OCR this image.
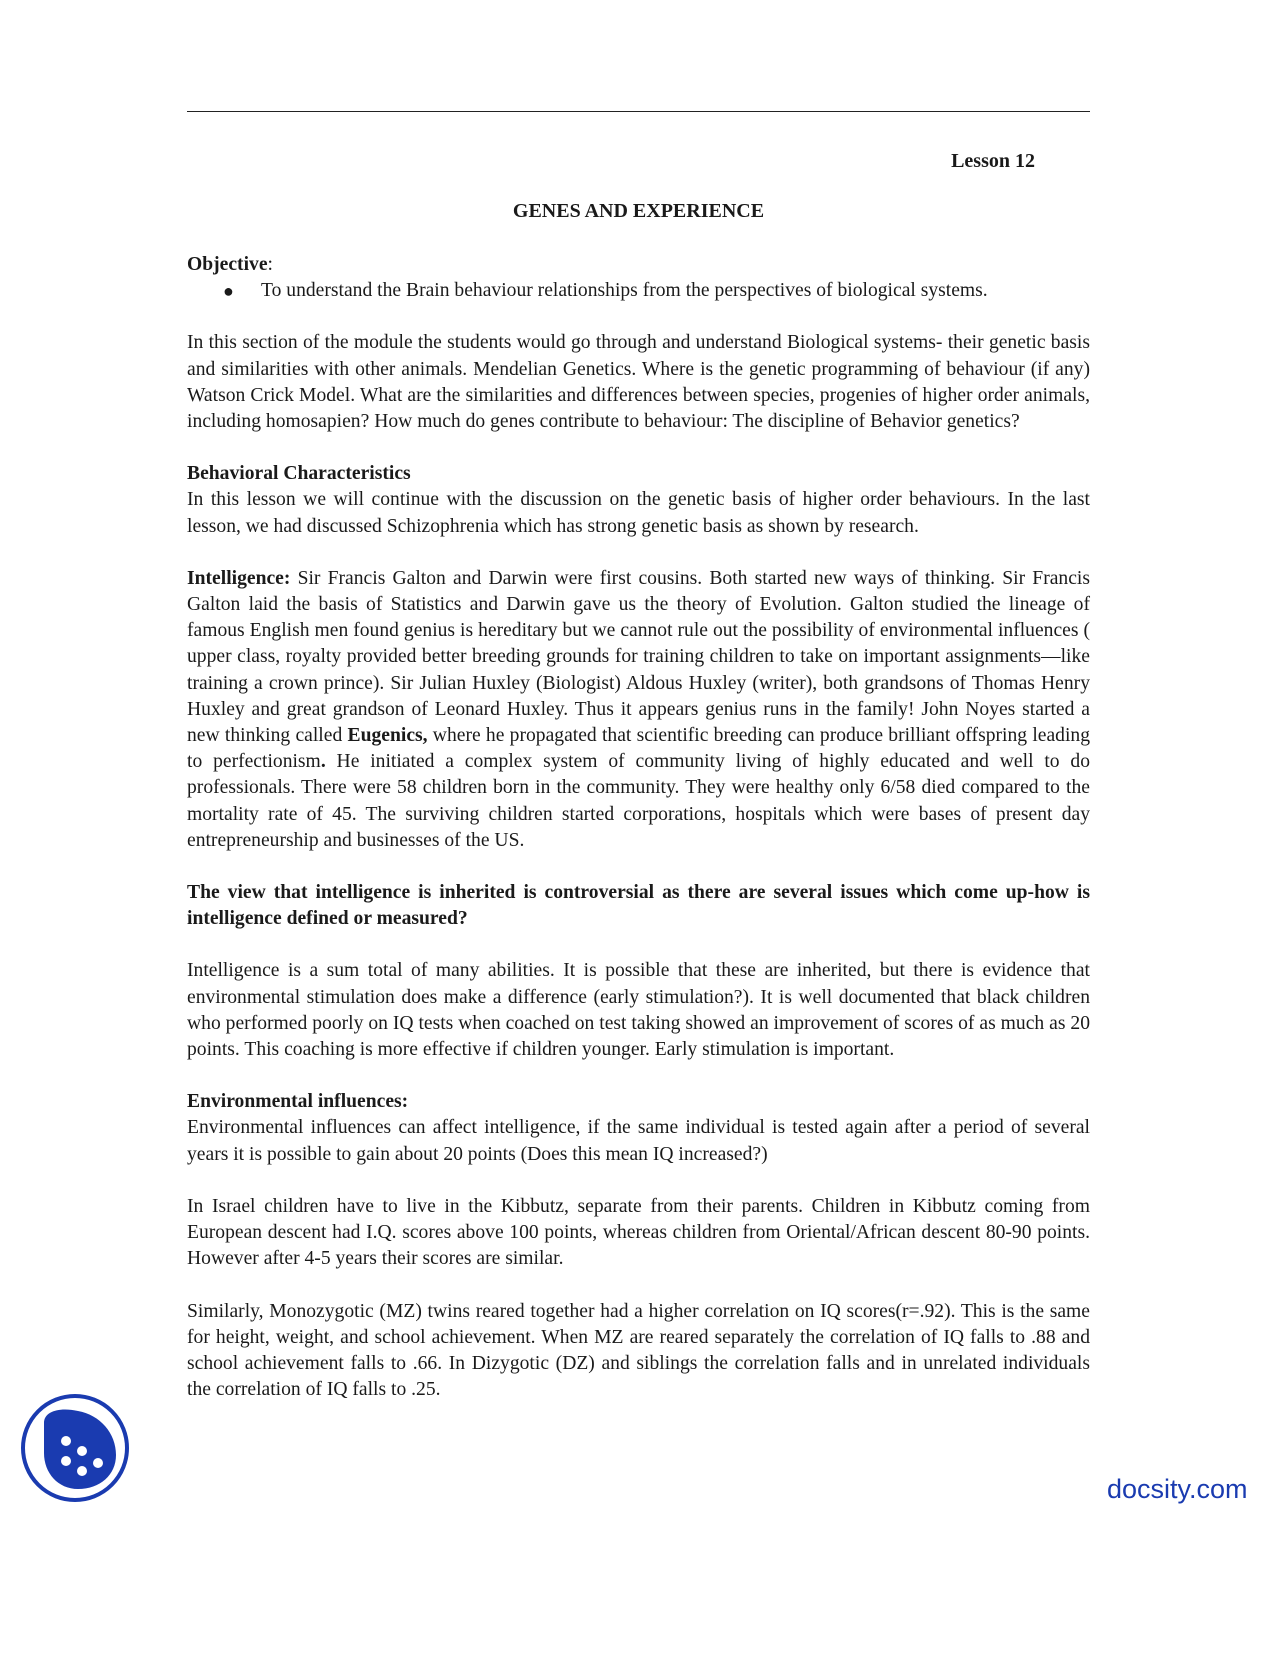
Lesson 12
GENES AND EXPERIENCE
Objective:
● To understand the Brain behaviour relationships from the perspectives of biological systems.

In this section of the module the students would go through and understand Biological systems- their genetic basis and similarities with other animals. Mendelian Genetics. Where is the genetic programming of behaviour (if any) Watson Crick Model. What are the similarities and differences between species, progenies of higher order animals, including homosapien? How much do genes contribute to behaviour: The discipline of Behavior genetics?

Behavioral Characteristics

In this lesson we will continue with the discussion on the genetic basis of higher order behaviours. In the last lesson, we had discussed Schizophrenia which has strong genetic basis as shown by research.

Intelligence: Sir Francis Galton and Darwin were first cousins. Both started new ways of thinking. Sir Francis Galton laid the basis of Statistics and Darwin gave us the theory of Evolution. Galton studied the lineage of famous English men found genius is hereditary but we cannot rule out the possibility of environmental influences ( upper class, royalty provided better breeding grounds for training children to take on important assignments—like training a crown prince). Sir Julian Huxley (Biologist) Aldous Huxley (writer), both grandsons of Thomas Henry Huxley and great grandson of Leonard Huxley. Thus it appears genius runs in the family! John Noyes started a new thinking called Eugenics, where he propagated that scientific breeding can produce brilliant offspring leading to perfectionism. He initiated a complex system of community living of highly educated and well to do professionals. There were 58 children born in the community. They were healthy only 6/58 died compared to the mortality rate of 45. The surviving children started corporations, hospitals which were bases of present day entrepreneurship and businesses of the US.

The view that intelligence is inherited is controversial as there are several issues which come up-how is intelligence defined or measured?

Intelligence is a sum total of many abilities. It is possible that these are inherited, but there is evidence that environmental stimulation does make a difference (early stimulation?). It is well documented that black children who performed poorly on IQ tests when coached on test taking showed an improvement of scores of as much as 20 points. This coaching is more effective if children younger. Early stimulation is important.

Environmental influences:

Environmental influences can affect intelligence, if the same individual is tested again after a period of several years it is possible to gain about 20 points (Does this mean IQ increased?)

In Israel children have to live in the Kibbutz, separate from their parents. Children in Kibbutz coming from European descent had I.Q. scores above 100 points, whereas children from Oriental/African descent 80-90 points. However after 4-5 years their scores are similar.

Similarly, Monozygotic (MZ) twins reared together had a higher correlation on IQ scores(r=.92). This is the same for height, weight, and school achievement. When MZ are reared separately the correlation of IQ falls to .88 and school achievement falls to .66. In Dizygotic (DZ) and siblings the correlation falls and in unrelated individuals the correlation of IQ falls to .25.

docsity.com
